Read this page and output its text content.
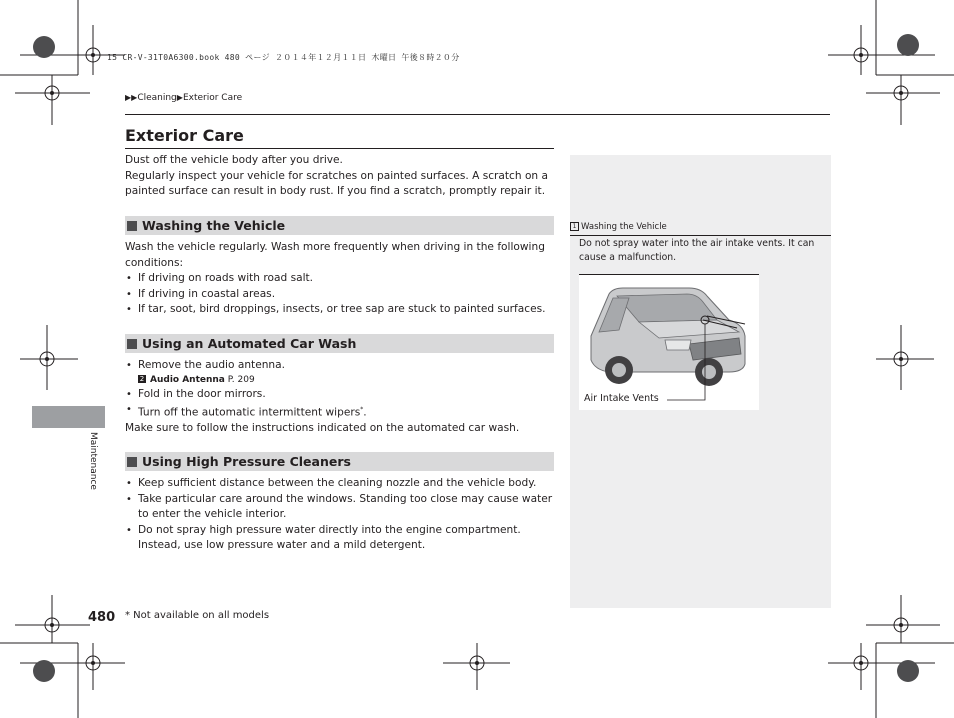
15 CR-V-31T0A6300.book 480 ページ ２０１４年１２月１１日 木曜日 午後８時２０分
▶▶Cleaning▶Exterior Care
Exterior Care
Dust off the vehicle body after you drive.
Regularly inspect your vehicle for scratches on painted surfaces. A scratch on a painted surface can result in body rust. If you find a scratch, promptly repair it.
Washing the Vehicle
Wash the vehicle regularly. Wash more frequently when driving in the following conditions:
• If driving on roads with road salt.
• If driving in coastal areas.
• If tar, soot, bird droppings, insects, or tree sap are stuck to painted surfaces.
Using an Automated Car Wash
• Remove the audio antenna.
2 Audio Antenna P. 209
• Fold in the door mirrors.
• Turn off the automatic intermittent wipers*.
Make sure to follow the instructions indicated on the automated car wash.
Using High Pressure Cleaners
• Keep sufficient distance between the cleaning nozzle and the vehicle body.
• Take particular care around the windows. Standing too close may cause water to enter the vehicle interior.
• Do not spray high pressure water directly into the engine compartment. Instead, use low pressure water and a mild detergent.
1 Washing the Vehicle
Do not spray water into the air intake vents. It can cause a malfunction.
Air Intake Vents
Maintenance
480 * Not available on all models
